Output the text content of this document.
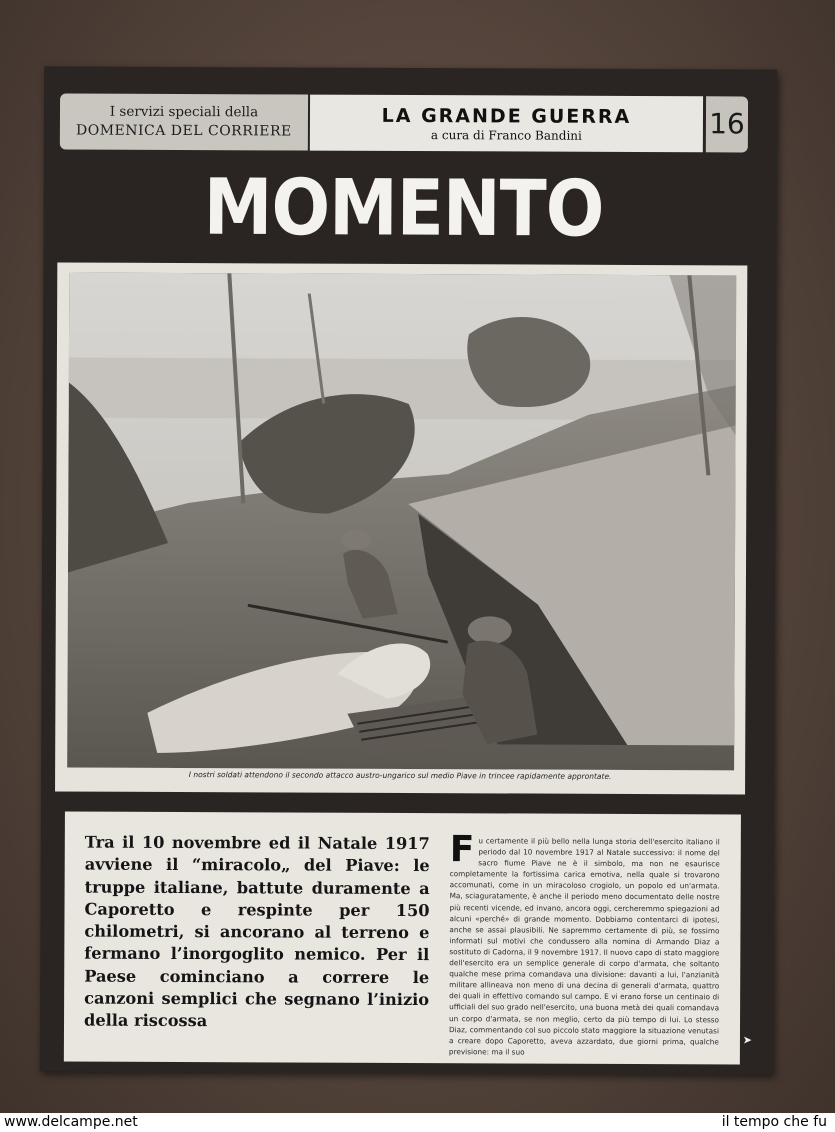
I servizi speciali della
DOMENICA DEL CORRIERE
LA GRANDE GUERRA
a cura di Franco Bandini	16
MOMENTO
I nostri soldati attendono il secondo attacco austro-ungarico sul medio Piave in trincee rapidamente approntate.
Tra il 10 novembre ed il Natale 1917 avviene il “miracolo„ del Piave: le truppe italiane, battute duramente a Caporetto e respinte per 150 chilometri, si ancorano al terreno e fermano l’inorgoglito nemico. Per il Paese cominciano a correre le canzoni semplici che segnano l’inizio della riscossa
Fu certamente il più bello nella lunga storia dell'esercito italiano il periodo dal 10 novembre 1917 al Natale successivo: il nome del sacro fiume Piave ne è il simbolo, ma non ne esaurisce completamente la fortissima carica emotiva, nella quale si trovarono accomunati, come in un miracoloso crogiolo, un popolo ed un'armata. Ma, sciaguratamente, è anche il periodo meno documentato delle nostre più recenti vicende, ed invano, ancora oggi, cercheremmo spiegazioni ad alcuni «perché» di grande momento. Dobbiamo contentarci di ipotesi, anche se assai plausibili. Ne sapremmo certamente di più, se fossimo informati sul motivi che condussero alla nomina di Armando Diaz a sostituto di Cadorna, il 9 novembre 1917. Il nuovo capo di stato maggiore dell'esercito era un semplice generale di corpo d'armata, che soltanto qualche mese prima comandava una divisione: davanti a lui, l'anzianità militare allineava non meno di una decina di generali d'armata, quattro dei quali in effettivo comando sul campo. E vi erano forse un centinaio di ufficiali del suo grado nell'esercito, una buona metà dei quali comandava un corpo d'armata, se non meglio, certo da più tempo di lui. Lo stesso Diaz, commentando col suo piccolo stato maggiore la situazione venutasi a creare dopo Caporetto, aveva azzardato, due giorni prima, qualche previsione: ma il suo
➤
www.delcampe.net	il tempo che fu
